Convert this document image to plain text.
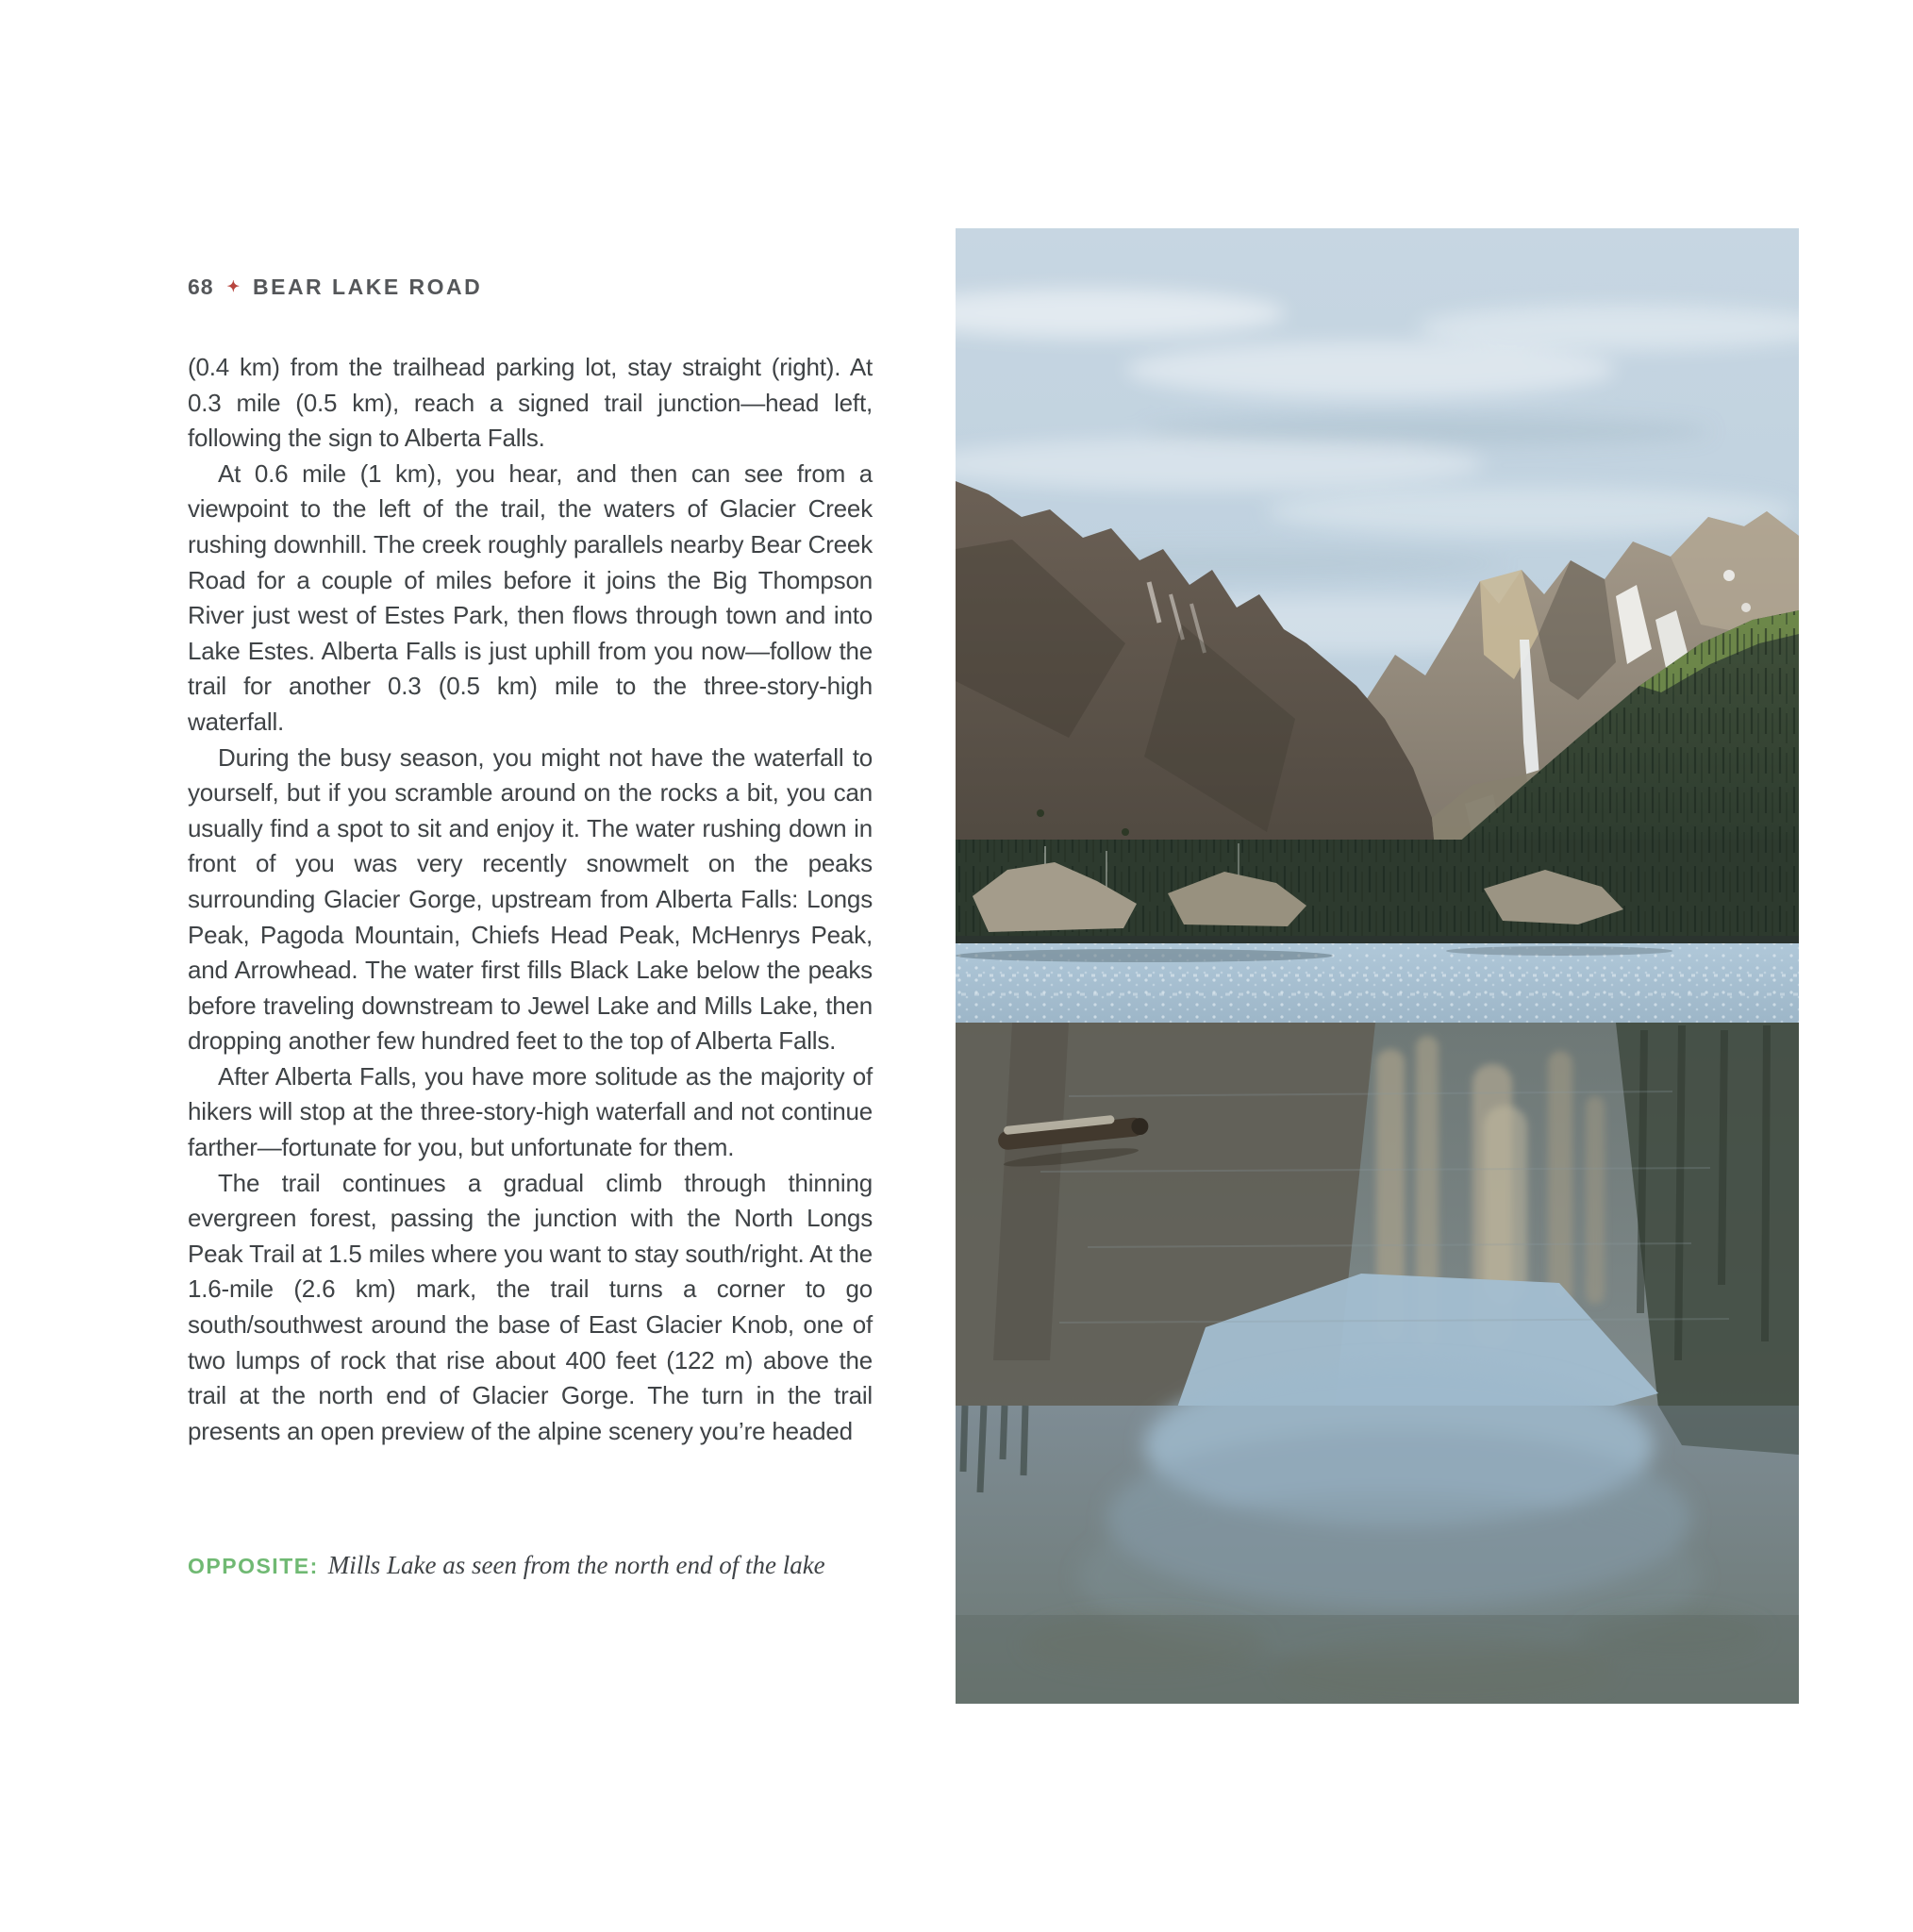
68 ✦ BEAR LAKE ROAD

(0.4 km) from the trailhead parking lot, stay straight (right). At 0.3 mile (0.5 km), reach a signed trail junction—head left, following the sign to Alberta Falls.

At 0.6 mile (1 km), you hear, and then can see from a viewpoint to the left of the trail, the waters of Glacier Creek rushing downhill. The creek roughly parallels nearby Bear Creek Road for a couple of miles before it joins the Big Thompson River just west of Estes Park, then flows through town and into Lake Estes. Alberta Falls is just uphill from you now—follow the trail for another 0.3 (0.5 km) mile to the three-story-high waterfall.

During the busy season, you might not have the waterfall to yourself, but if you scramble around on the rocks a bit, you can usually find a spot to sit and enjoy it. The water rushing down in front of you was very recently snowmelt on the peaks surrounding Glacier Gorge, upstream from Alberta Falls: Longs Peak, Pagoda Mountain, Chiefs Head Peak, McHenrys Peak, and Arrowhead. The water first fills Black Lake below the peaks before traveling downstream to Jewel Lake and Mills Lake, then dropping another few hundred feet to the top of Alberta Falls.

After Alberta Falls, you have more solitude as the majority of hikers will stop at the three-story-high waterfall and not continue farther—fortunate for you, but unfortunate for them.

The trail continues a gradual climb through thinning evergreen forest, passing the junction with the North Longs Peak Trail at 1.5 miles where you want to stay south/right. At the 1.6-mile (2.6 km) mark, the trail turns a corner to go south/southwest around the base of East Glacier Knob, one of two lumps of rock that rise about 400 feet (122 m) above the trail at the north end of Glacier Gorge. The turn in the trail presents an open preview of the alpine scenery you’re headed

OPPOSITE: Mills Lake as seen from the north end of the lake
